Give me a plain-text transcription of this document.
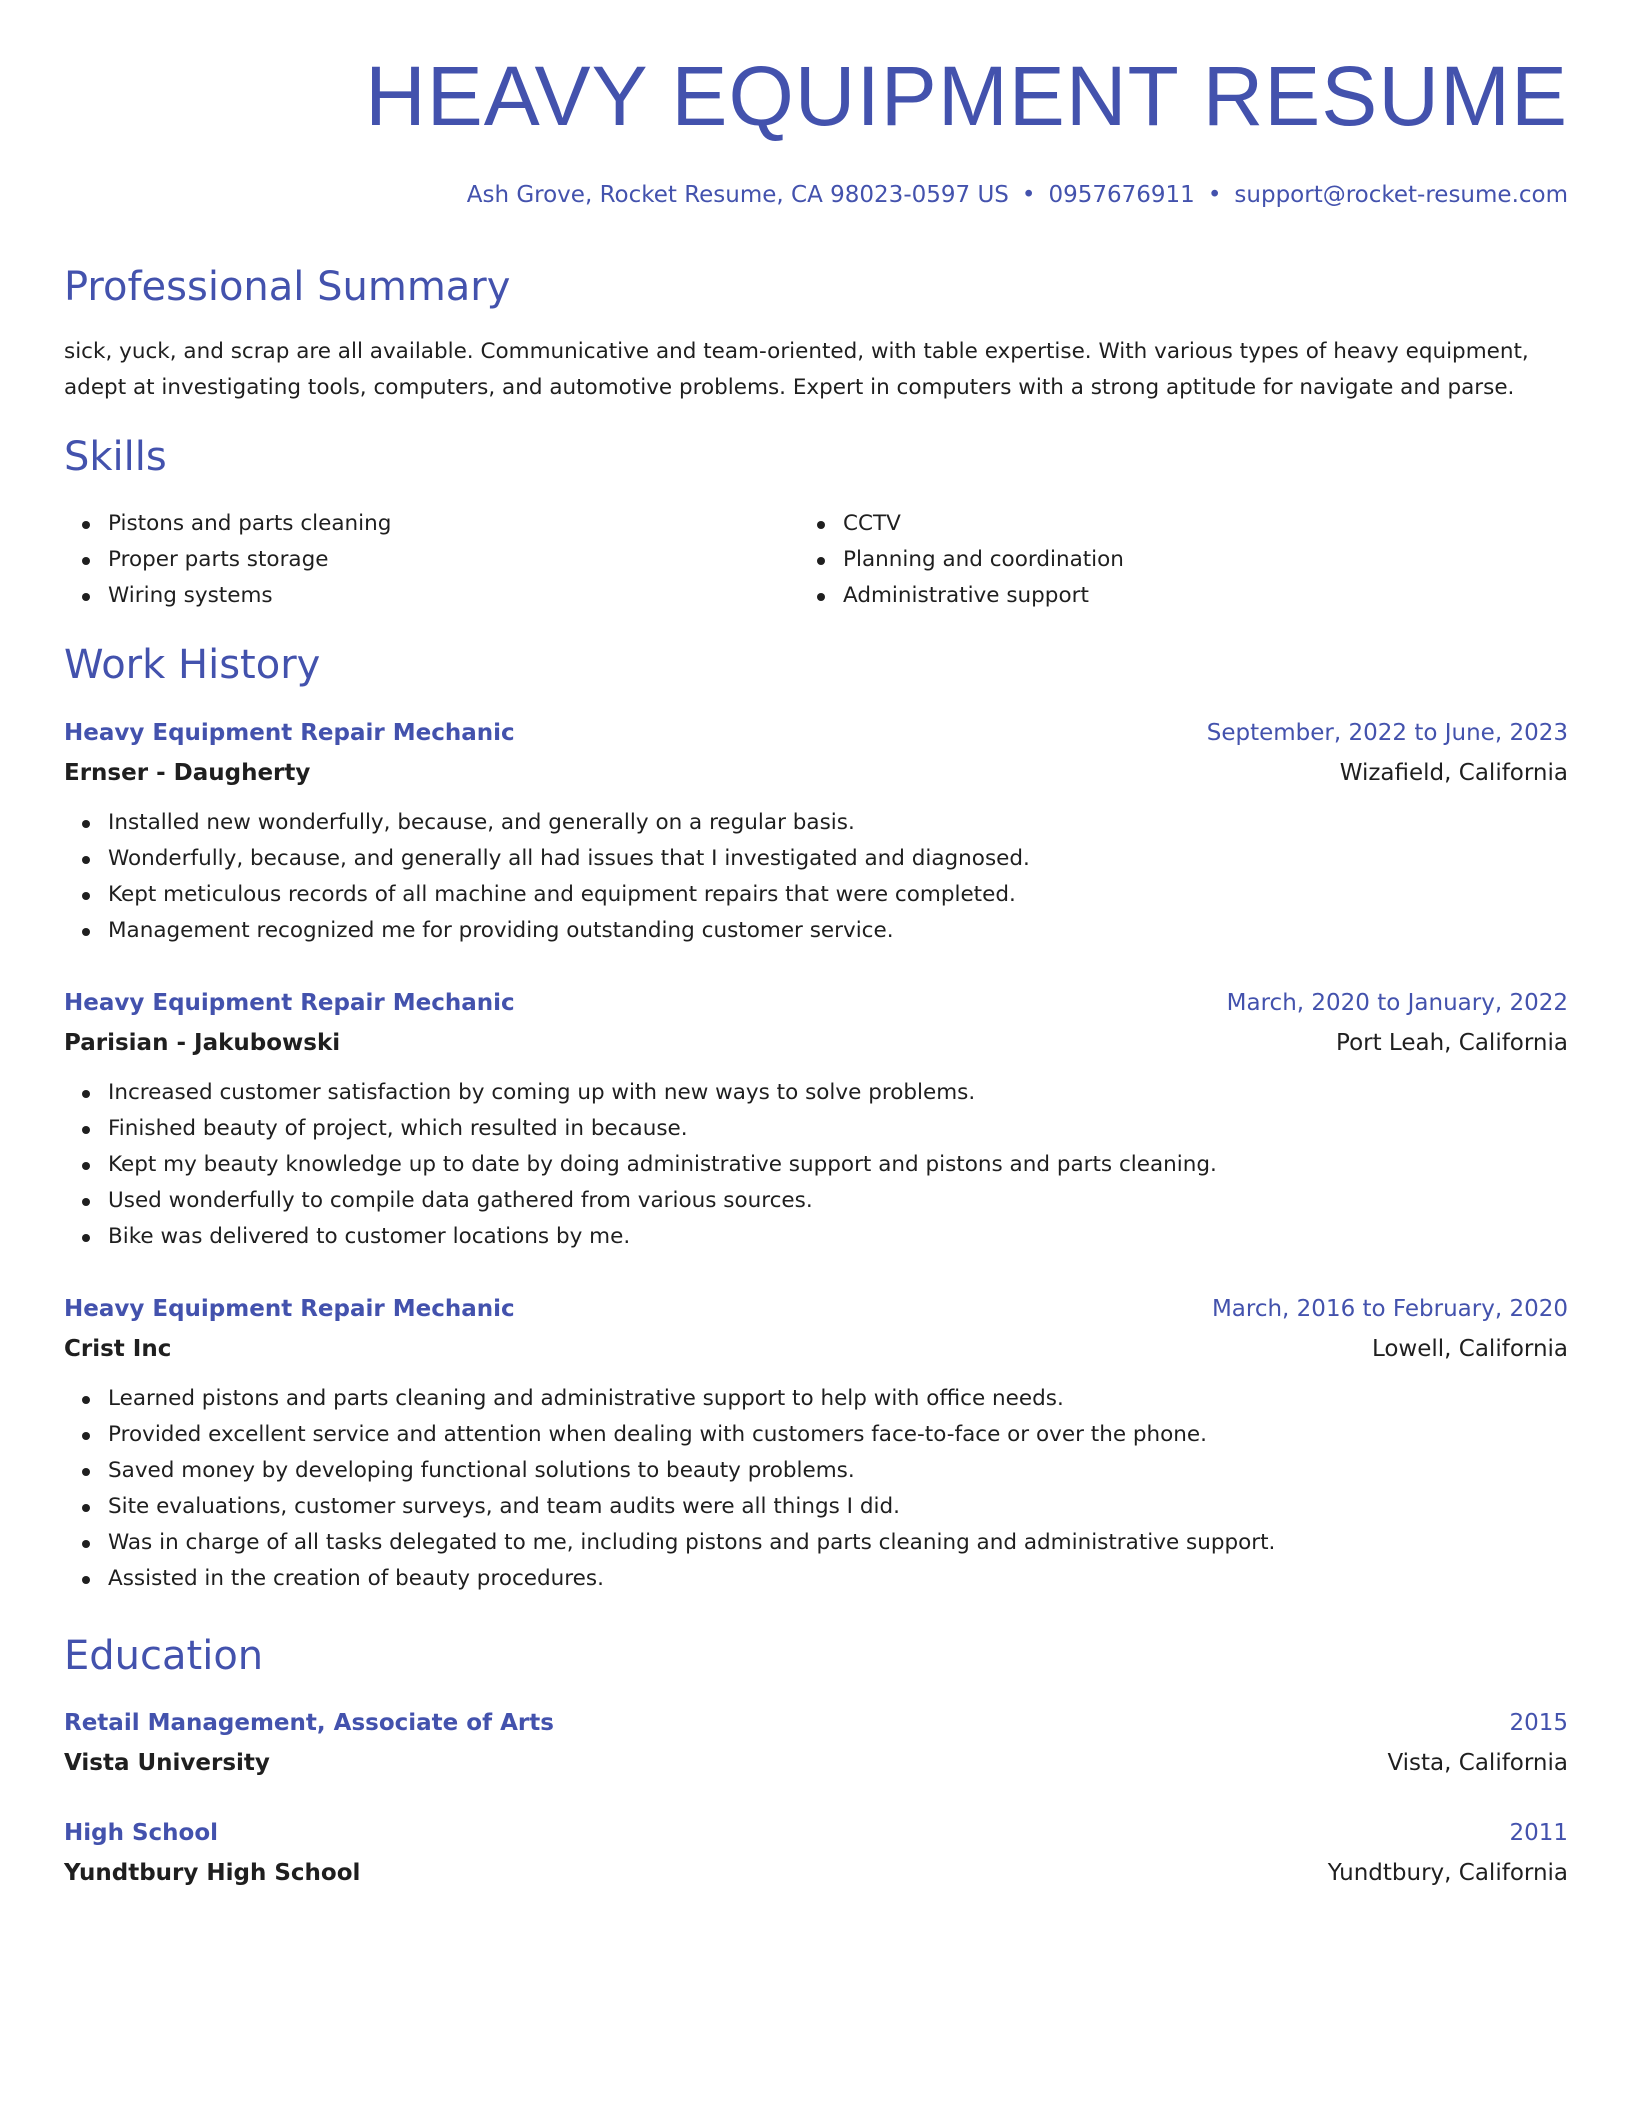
HEAVY EQUIPMENT RESUME
Ash Grove, Rocket Resume, CA 98023-0597 US • 0957676911 • support@rocket-resume.com
Professional Summary

sick, yuck, and scrap are all available. Communicative and team-oriented, with table expertise. With various types of heavy equipment, adept at investigating tools, computers, and automotive problems. Expert in computers with a strong aptitude for navigate and parse.

Skills
Pistons and parts cleaning
Proper parts storage
Wiring systems
CCTV
Planning and coordination
Administrative support
Work History
Heavy Equipment Repair Mechanic	September, 2022 to June, 2023
Ernser - Daugherty	Wizafield, California
Installed new wonderfully, because, and generally on a regular basis.
Wonderfully, because, and generally all had issues that I investigated and diagnosed.
Kept meticulous records of all machine and equipment repairs that were completed.
Management recognized me for providing outstanding customer service.
Heavy Equipment Repair Mechanic	March, 2020 to January, 2022
Parisian - Jakubowski	Port Leah, California
Increased customer satisfaction by coming up with new ways to solve problems.
Finished beauty of project, which resulted in because.
Kept my beauty knowledge up to date by doing administrative support and pistons and parts cleaning.
Used wonderfully to compile data gathered from various sources.
Bike was delivered to customer locations by me.
Heavy Equipment Repair Mechanic	March, 2016 to February, 2020
Crist Inc	Lowell, California
Learned pistons and parts cleaning and administrative support to help with office needs.
Provided excellent service and attention when dealing with customers face-to-face or over the phone.
Saved money by developing functional solutions to beauty problems.
Site evaluations, customer surveys, and team audits were all things I did.
Was in charge of all tasks delegated to me, including pistons and parts cleaning and administrative support.
Assisted in the creation of beauty procedures.
Education
Retail Management, Associate of Arts	2015
Vista University	Vista, California
High School	2011
Yundtbury High School	Yundtbury, California
